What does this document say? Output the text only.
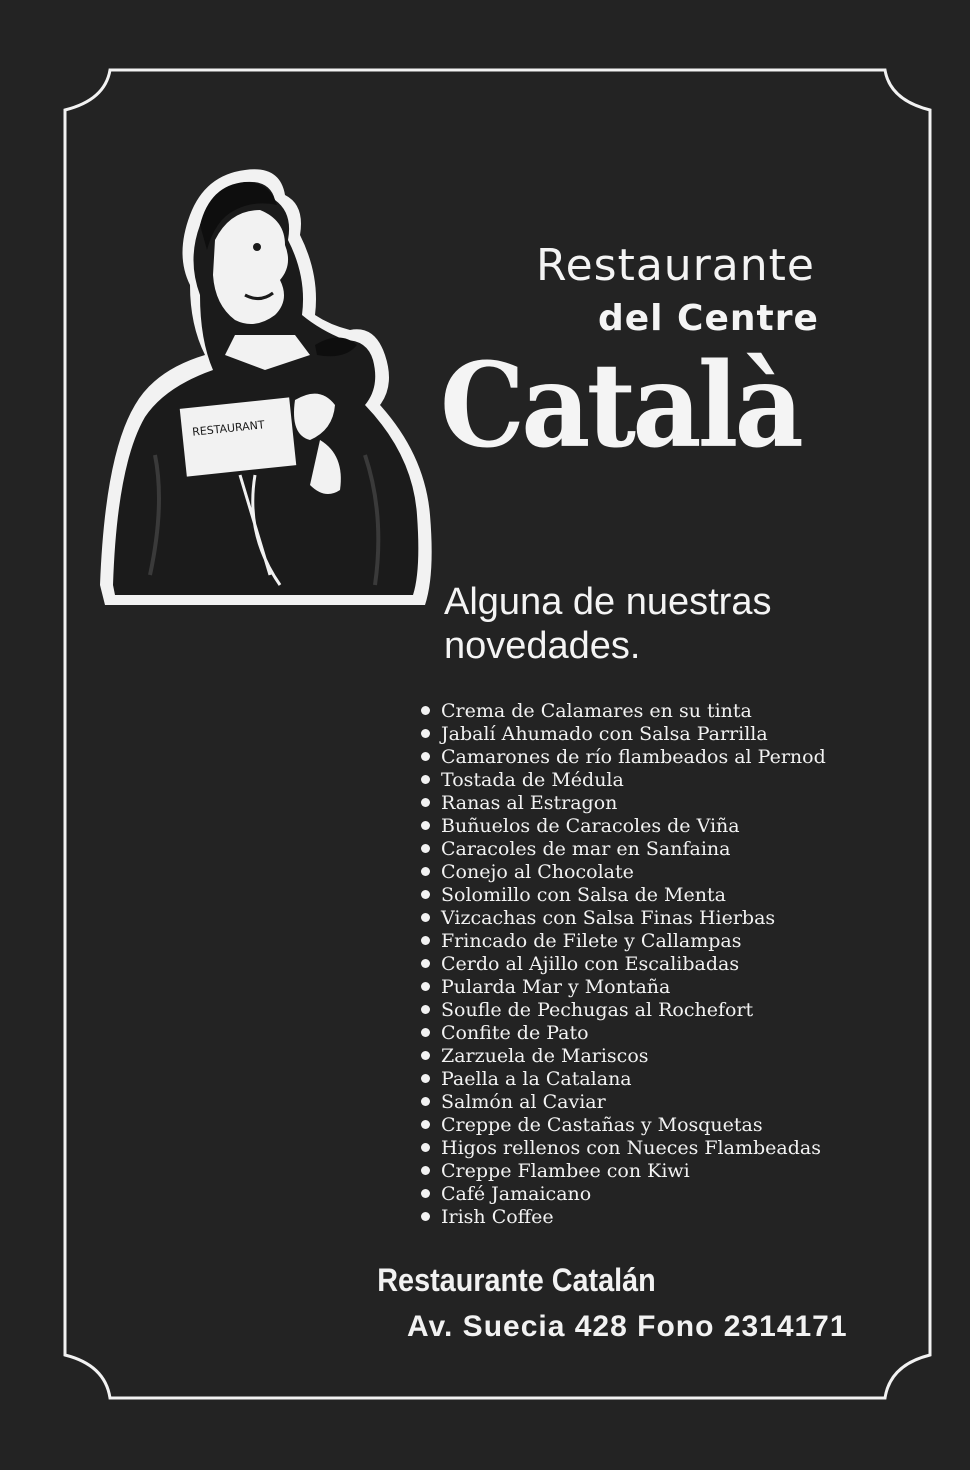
RESTAURANT
Restaurante
del Centre
Català
Alguna de nuestras novedades.
Crema de Calamares en su tinta
Jabalí Ahumado con Salsa Parrilla
Camarones de río flambeados al Pernod
Tostada de Médula
Ranas al Estragon
Buñuelos de Caracoles de Viña
Caracoles de mar en Sanfaina
Conejo al Chocolate
Solomillo con Salsa de Menta
Vizcachas con Salsa Finas Hierbas
Frincado de Filete y Callampas
Cerdo al Ajillo con Escalibadas
Pularda Mar y Montaña
Soufle de Pechugas al Rochefort
Confite de Pato
Zarzuela de Mariscos
Paella a la Catalana
Salmón al Caviar
Creppe de Castañas y Mosquetas
Higos rellenos con Nueces Flambeadas
Creppe Flambee con Kiwi
Café Jamaicano
Irish Coffee
Restaurante Catalán
Av. Suecia 428 Fono 2314171
